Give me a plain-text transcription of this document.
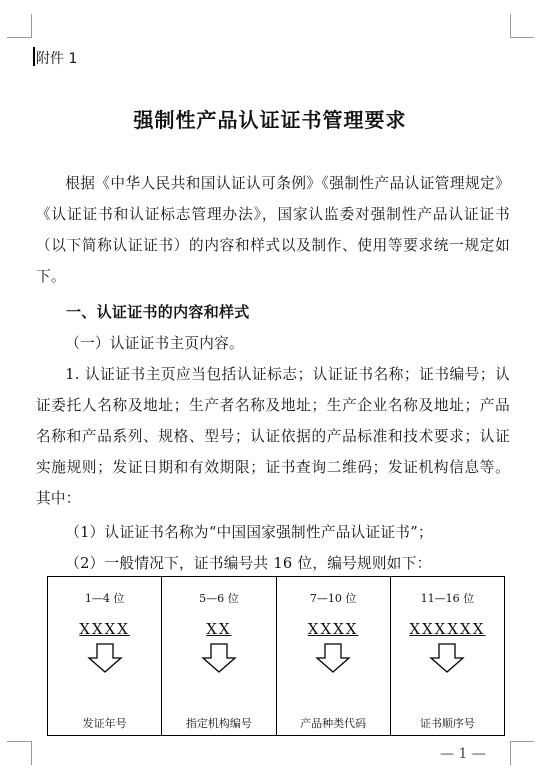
附件 1
强制性产品认证证书管理要求
根据《中华人民共和国认证认可条例》《强制性产品认证管理规定》《认证证书和认证标志管理办法》，国家认监委对强制性产品认证证书（以下简称认证证书）的内容和样式以及制作、使用等要求统一规定如下。
一、认证证书的内容和样式
（一）认证证书主页内容。
1. 认证证书主页应当包括认证标志；认证证书名称；证书编号；认证委托人名称及地址；生产者名称及地址；生产企业名称及地址；产品名称和产品系列、规格、型号；认证依据的产品标准和技术要求；认证实施规则；发证日期和有效期限；证书查询二维码；发证机构信息等。其中：
（1）认证证书名称为“中国国家强制性产品认证证书”；
（2）一般情况下，证书编号共 16 位，编号规则如下：
1—4 位
XXXX
发证年号

5—6 位
XX
指定机构编号

7—10 位
XXXX
产品种类代码

11—16 位
XXXXXX
证书顺序号
— 1 —
